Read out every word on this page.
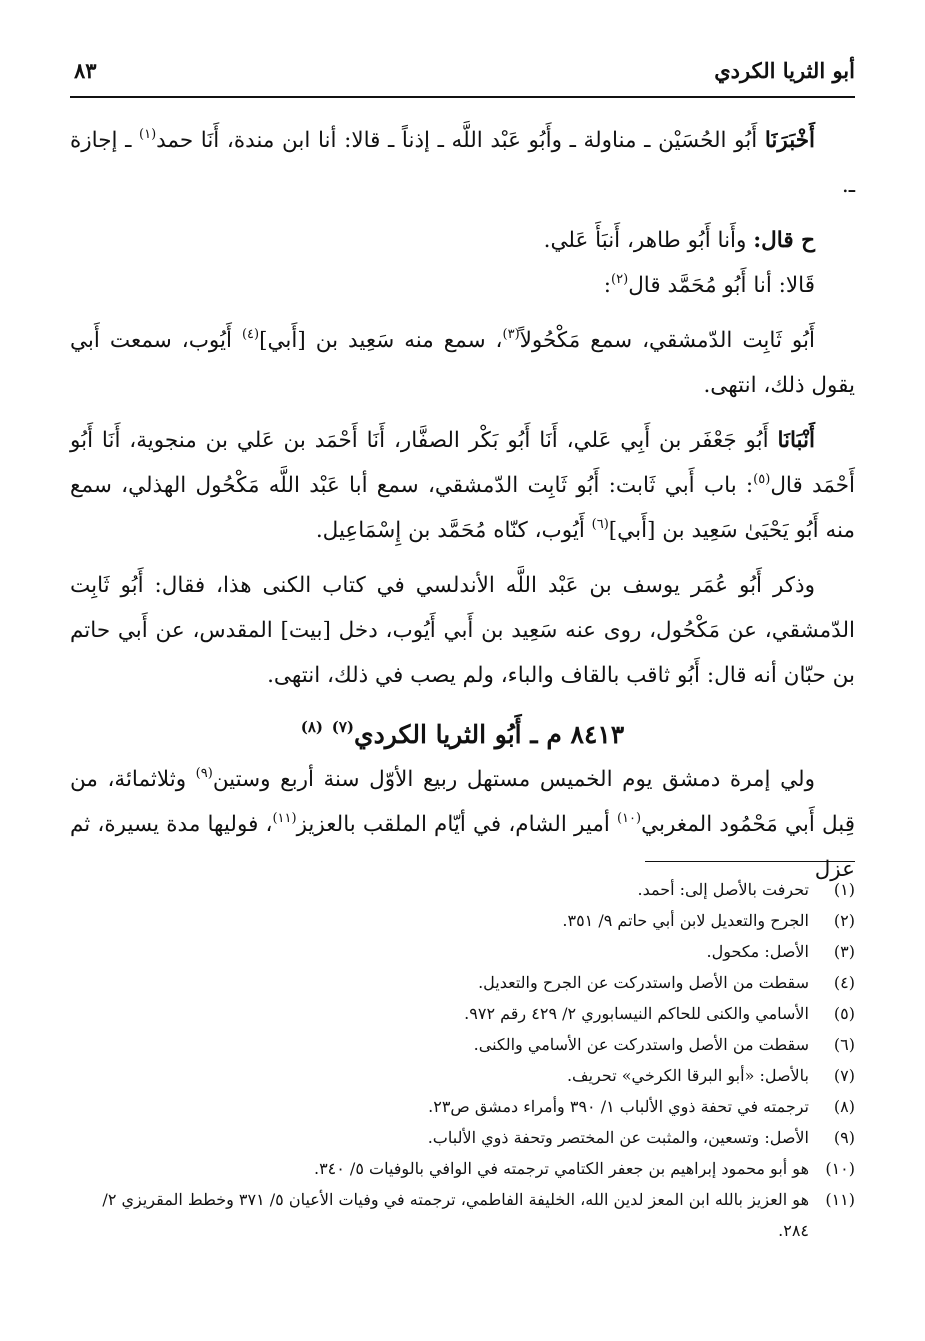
أبو الثريا الكردي
٨٣

أَخْبَرَنَا أَبُو الحُسَيْن ـ مناولة ـ وأَبُو عَبْد اللَّه ـ إذناً ـ قالا: أنا ابن مندة، أَنَا حمد$^{(١)}$ ـ إجازة ـ.

ح قال: وأَنا أَبُو طاهر، أَنبَأَ عَلي.

قَالا: أنا أَبُو مُحَمَّد قال$^{(٢)}$:

أَبُو ثَابِت الدّمشقي، سمع مَكْحُولاً$^{(٣)}$، سمع منه سَعِيد بن [أَبي]$^{(٤)}$ أَيُوب، سمعت أَبي يقول ذلك، انتهى.

أَنْبَانَا أَبُو جَعْفَر بن أَبِي عَلي، أَنَا أَبُو بَكْر الصفَّار، أَنَا أَحْمَد بن عَلي بن منجوية، أَنَا أَبُو أَحْمَد قال$^{(٥)}$: باب أَبي ثَابت: أَبُو ثَابِت الدّمشقي، سمع أبا عَبْد اللَّه مَكْحُول الهذلي، سمع منه أَبُو يَحْيَىٰ سَعِيد بن [أَبي]$^{(٦)}$ أَيُوب، كنّاه مُحَمَّد بن إِسْمَاعِيل.

وذكر أَبُو عُمَر يوسف بن عَبْد اللَّه الأندلسي في كتاب الكنى هذا، فقال: أَبُو ثَابِت الدّمشقي، عن مَكْحُول، روى عنه سَعِيد بن أَبي أَيُوب، دخل [بيت] المقدس، عن أَبي حاتم بن حبّان أنه قال: أَبُو ثاقب بالقاف والباء، ولم يصب في ذلك، انتهى.

٨٤١٣ م ـ أَبُو الثريا الكردي$^{(٧)}$ $^{(٨)}$

ولي إمرة دمشق يوم الخميس مستهل ربيع الأوّل سنة أربع وستين$^{(٩)}$ وثلاثمائة، من قِبل أَبي مَحْمُود المغربي$^{(١٠)}$ أمير الشام، في أيّام الملقب بالعزيز$^{(١١)}$، فوليها مدة يسيرة، ثم عزل

(١)
تحرفت بالأصل إلى: أحمد.
(٢)
الجرح والتعديل لابن أبي حاتم ٩/ ٣٥١.
(٣)
الأصل: مكحول.
(٤)
سقطت من الأصل واستدركت عن الجرح والتعديل.
(٥)
الأسامي والكنى للحاكم النيسابوري ٢/ ٤٢٩ رقم ٩٧٢.
(٦)
سقطت من الأصل واستدركت عن الأسامي والكنى.
(٧)
بالأصل: «أبو البرقا الكرخي» تحريف.
(٨)
ترجمته في تحفة ذوي الألباب ١/ ٣٩٠ وأمراء دمشق ص٢٣.
(٩)
الأصل: وتسعين، والمثبت عن المختصر وتحفة ذوي الألباب.
(١٠)
هو أبو محمود إبراهيم بن جعفر الكتامي ترجمته في الوافي بالوفيات ٥/ ٣٤٠.
(١١)
هو العزيز بالله ابن المعز لدين الله، الخليفة الفاطمي، ترجمته في وفيات الأعيان ٥/ ٣٧١ وخطط المقريزي ٢/ ٢٨٤.
